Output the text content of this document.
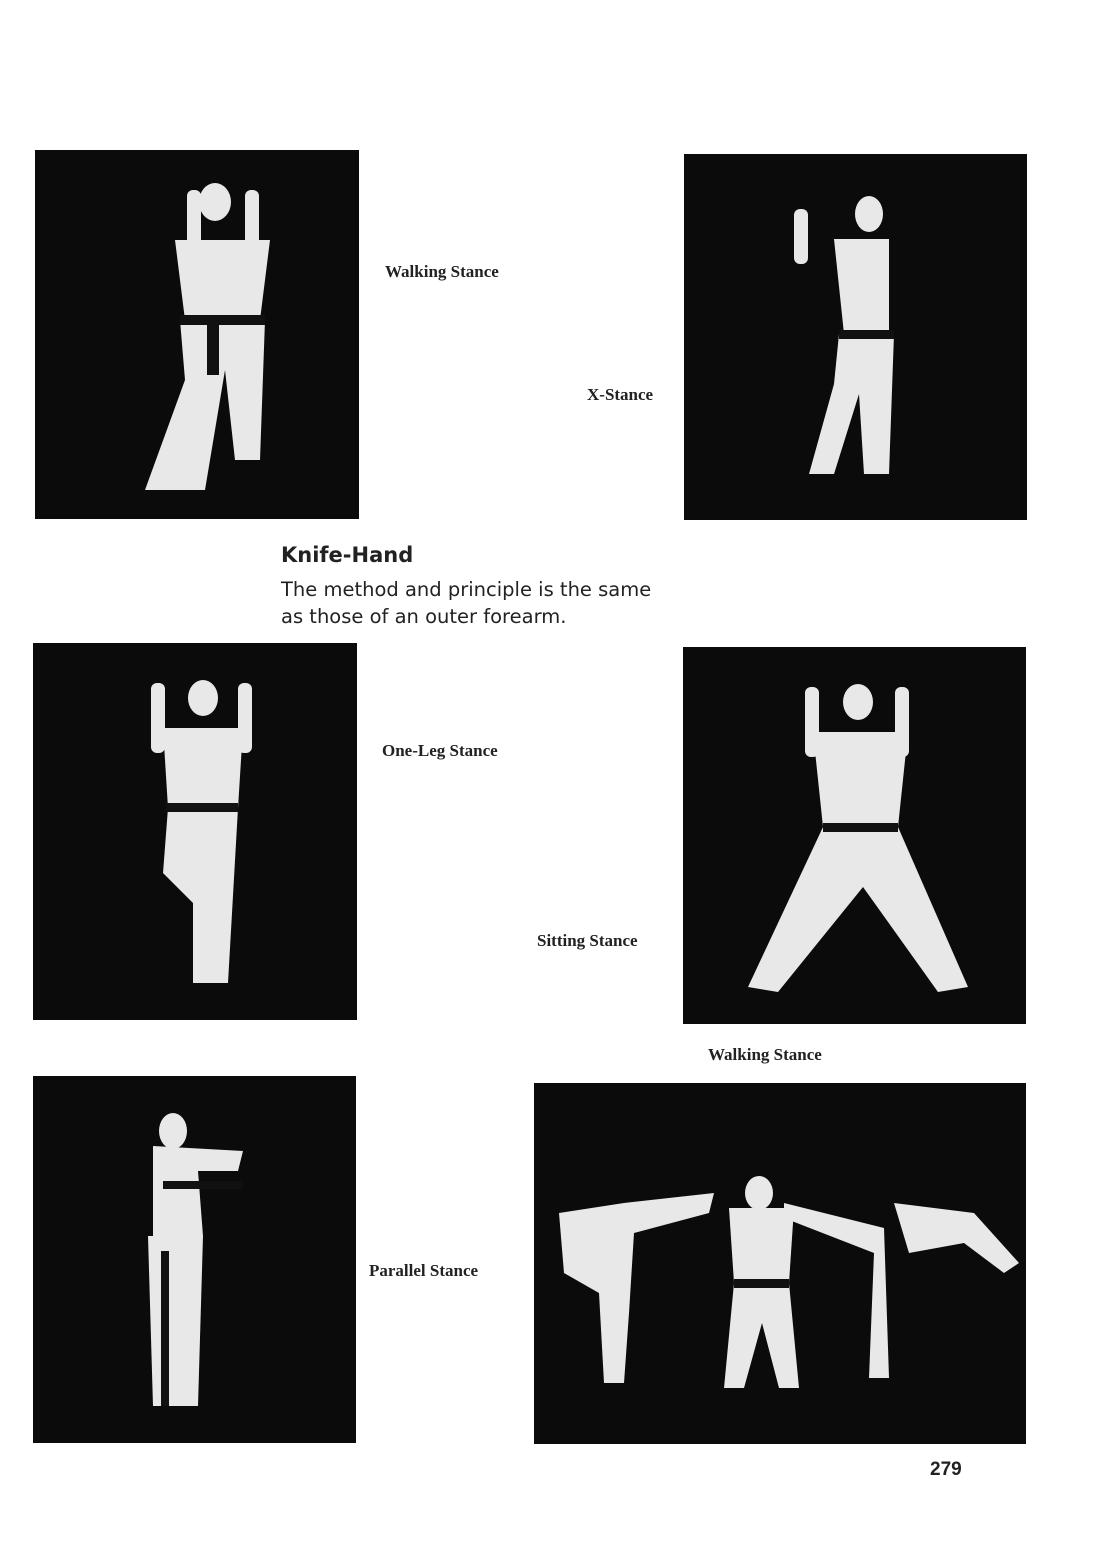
Walking Stance
X-Stance
Knife-Hand
The method and principle is the same
as those of an outer forearm.
One-Leg Stance
Sitting Stance
Walking Stance
Parallel Stance
279
